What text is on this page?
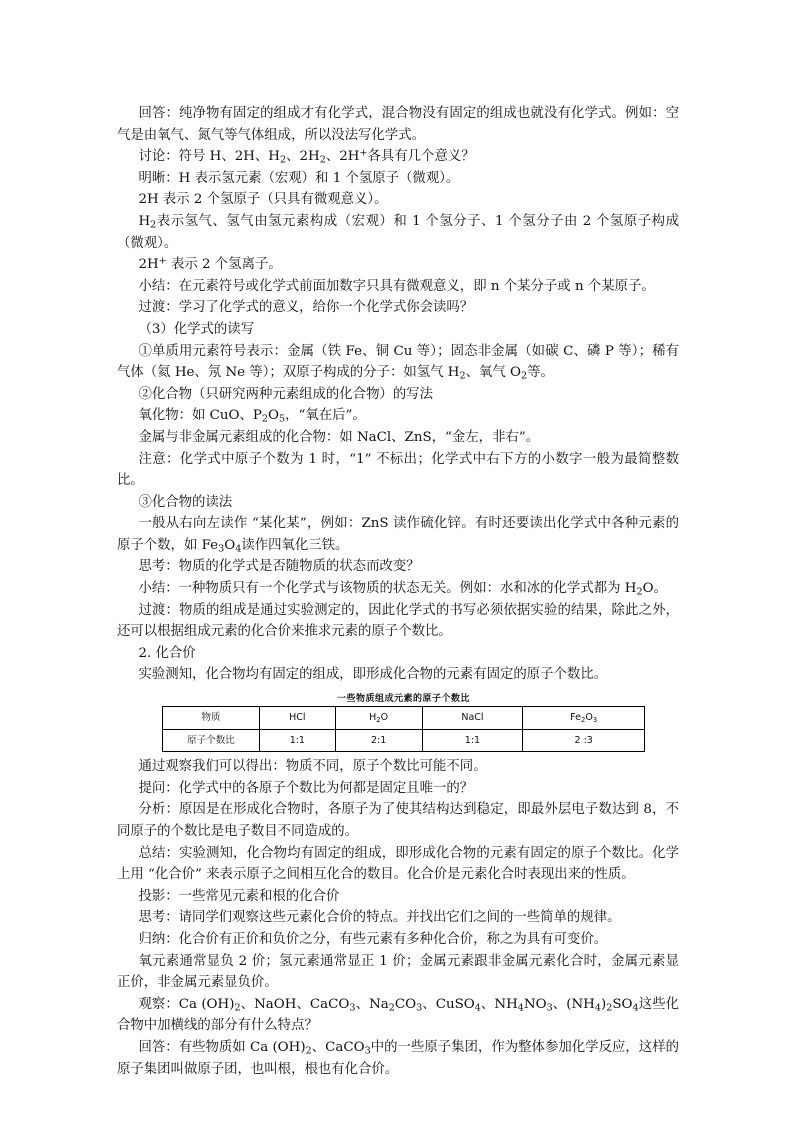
回答：纯净物有固定的组成才有化学式，混合物没有固定的组成也就没有化学式。例如：空气是由氧气、氮气等气体组成，所以没法写化学式。

讨论：符号 H、2H、$H_2$、$2H_2$、2H+各具有几个意义？

明晰：H 表示氢元素（宏观）和 1 个氢原子（微观）。

2H 表示 2 个氢原子（只具有微观意义）。

$H_2$表示氢气、氢气由氢元素构成（宏观）和 1 个氢分子、1 个氢分子由 2 个氢原子构成（微观）。

2H+ 表示 2 个氢离子。

小结：在元素符号或化学式前面加数字只具有微观意义，即 n 个某分子或 n 个某原子。

过渡：学习了化学式的意义，给你一个化学式你会读吗？

（3）化学式的读写

①单质用元素符号表示：金属（铁 Fe、铜 Cu 等）；固态非金属（如碳 C、磷 P 等）；稀有气体（氦 He、氖 Ne 等）；双原子构成的分子：如氢气 $H_2$、氧气 $O_2$等。

②化合物（只研究两种元素组成的化合物）的写法

氧化物：如 CuO、$P_2O_5$，“氧在后”。

金属与非金属元素组成的化合物：如 NaCl、ZnS，“金左，非右”。

注意：化学式中原子个数为 1 时，“1” 不标出；化学式中右下方的小数字一般为最简整数比。

③化合物的读法

一般从右向左读作 “某化某”，例如：ZnS 读作硫化锌。有时还要读出化学式中各种元素的原子个数，如 $Fe_3O_4$读作四氧化三铁。

思考：物质的化学式是否随物质的状态而改变？

小结：一种物质只有一个化学式与该物质的状态无关。例如：水和冰的化学式都为 $H_2O$。

过渡：物质的组成是通过实验测定的，因此化学式的书写必须依据实验的结果，除此之外，还可以根据组成元素的化合价来推求元素的原子个数比。

2. 化合价

实验测知，化合物均有固定的组成，即形成化合物的元素有固定的原子个数比。

一些物质组成元素的原子个数比
物质	HCl	$H_2O$	NaCl	$Fe_2O_3$
原子个数比	1:1	2:1	1:1	2 :3

通过观察我们可以得出：物质不同，原子个数比可能不同。

提问：化学式中的各原子个数比为何都是固定且唯一的？

分析：原因是在形成化合物时，各原子为了使其结构达到稳定，即最外层电子数达到 8，不同原子的个数比是电子数目不同造成的。

总结：实验测知，化合物均有固定的组成，即形成化合物的元素有固定的原子个数比。化学上用 “化合价” 来表示原子之间相互化合的数目。化合价是元素化合时表现出来的性质。

投影：一些常见元素和根的化合价

思考：请同学们观察这些元素化合价的特点。并找出它们之间的一些简单的规律。

归纳：化合价有正价和负价之分，有些元素有多种化合价，称之为具有可变价。

氧元素通常显负 2 价；氢元素通常显正 1 价；金属元素跟非金属元素化合时，金属元素显正价，非金属元素显负价。

观察：Ca $(OH)_2$、NaOH、CaCO$_3$、$Na_2CO_3$、CuSO$_4$、$NH_4NO_3$、$(NH_4)_2SO_4$这些化合物中加横线的部分有什么特点？

回答：有些物质如 Ca $(OH)_2$、CaCO$_3$中的一些原子集团，作为整体参加化学反应，这样的原子集团叫做原子团，也叫根，根也有化合价。
